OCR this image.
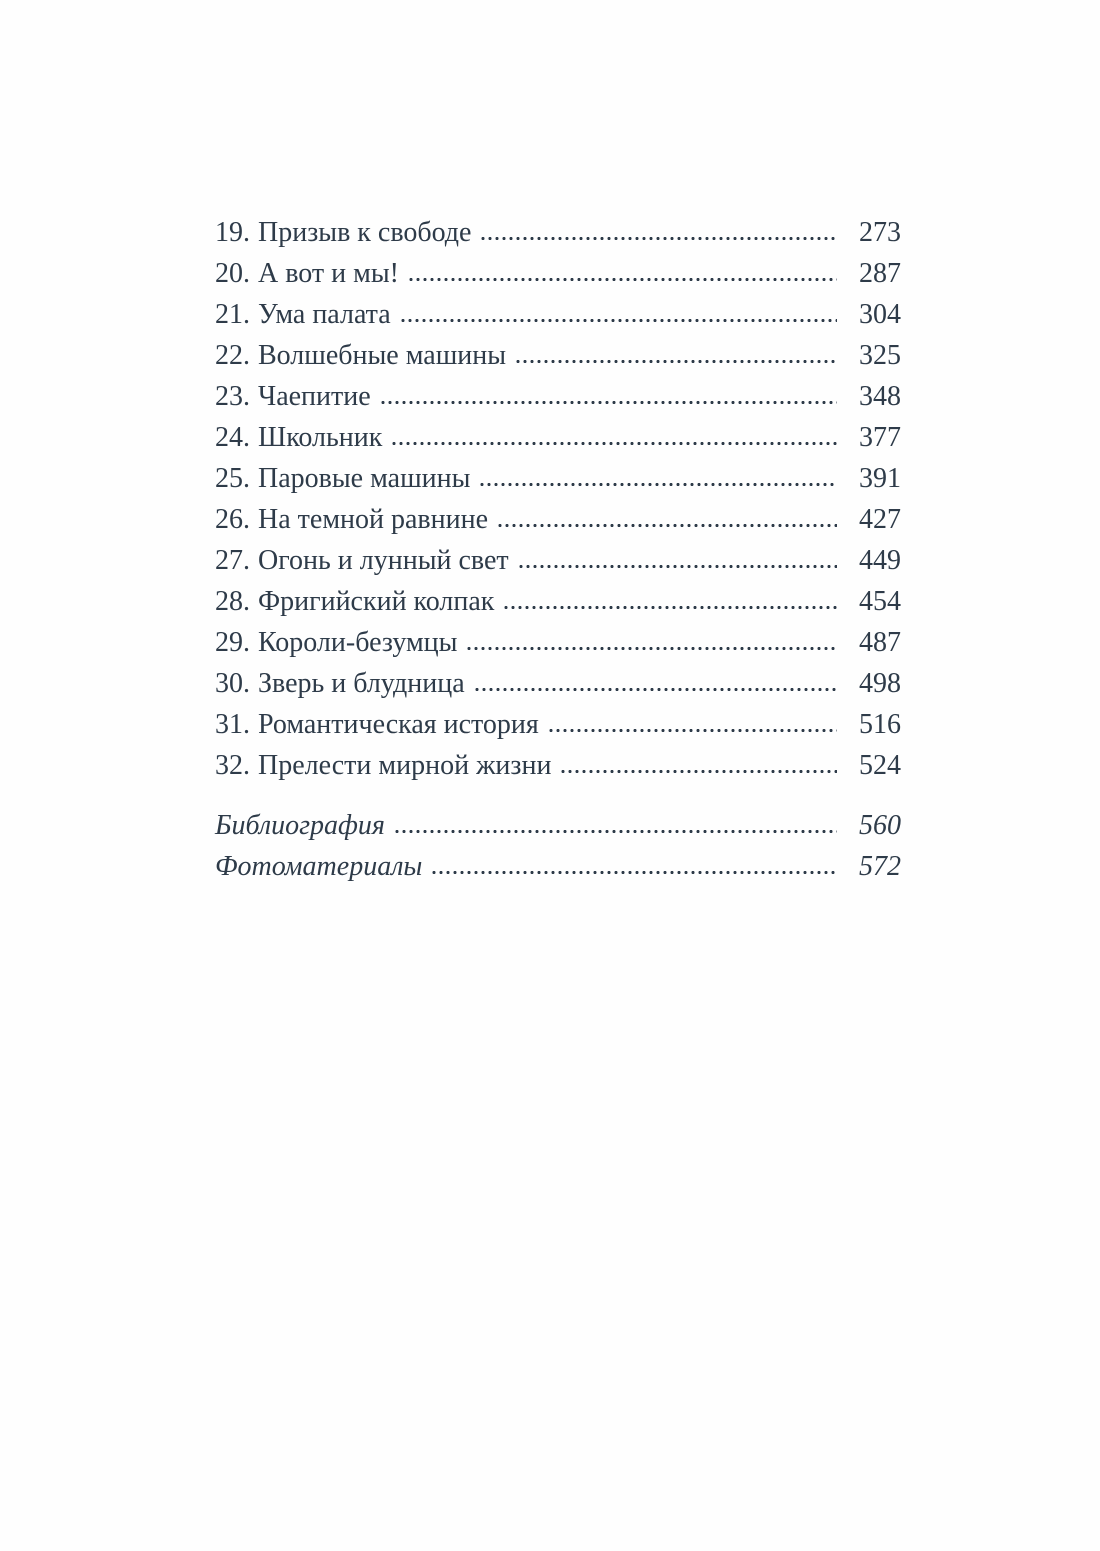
19. Призыв к свободе	273
20. А вот и мы!	287
21. Ума палата	304
22. Волшебные машины	325
23. Чаепитие	348
24. Школьник	377
25. Паровые машины	391
26. На темной равнине	427
27. Огонь и лунный свет	449
28. Фригийский колпак	454
29. Короли-безумцы	487
30. Зверь и блудница	498
31. Романтическая история	516
32. Прелести мирной жизни	524
Библиография	560
Фотоматериалы	572
